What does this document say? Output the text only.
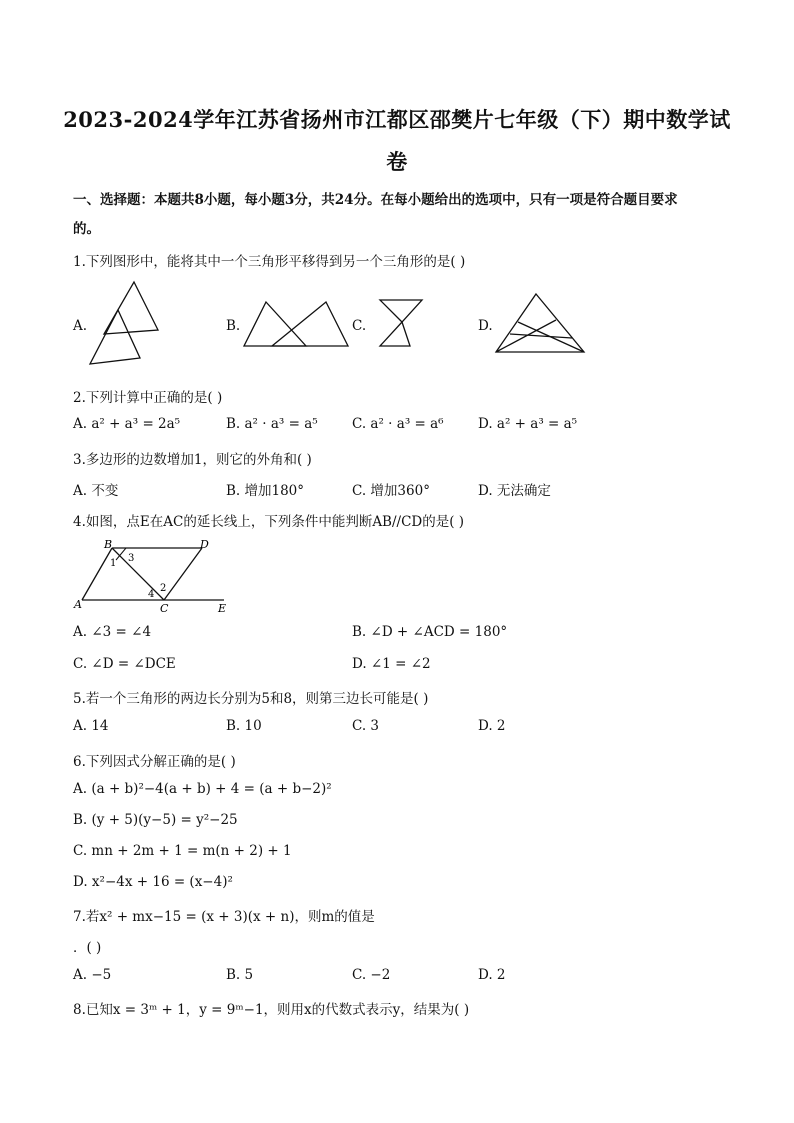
2023-2024学年江苏省扬州市江都区邵樊片七年级（下）期中数学试
卷
一、选择题：本题共8小题，每小题3分，共24分。在每小题给出的选项中，只有一项是符合题目要求
的。
1.下列图形中，能将其中一个三角形平移得到另一个三角形的是( )
A.	B.	C.	D.
2.下列计算中正确的是( )
A. a² + a³ = 2a⁵	B. a² · a³ = a⁵	C. a² · a³ = a⁶	D. a² + a³ = a⁵
3.多边形的边数增加1，则它的外角和( )
A. 不变	B. 增加180°	C. 增加360°	D. 无法确定
4.如图，点E在AC的延长线上，下列条件中能判断AB//CD的是( )
B	D
A	C	E
1 3
2
4
A. ∠3 = ∠4	B. ∠D + ∠ACD = 180°
C. ∠D = ∠DCE	D. ∠1 = ∠2
5.若一个三角形的两边长分别为5和8，则第三边长可能是( )
A. 14	B. 10	C. 3	D. 2
6.下列因式分解正确的是( )
A. (a + b)²−4(a + b) + 4 = (a + b−2)²
B. (y + 5)(y−5) = y²−25
C. mn + 2m + 1 = m(n + 2) + 1
D. x²−4x + 16 = (x−4)²
7.若x² + mx−15 = (x + 3)(x + n)，则m的值是
．( )
A. −5	B. 5	C. −2	D. 2
8.已知x = 3ᵐ + 1，y = 9ᵐ−1，则用x的代数式表示y，结果为( )
